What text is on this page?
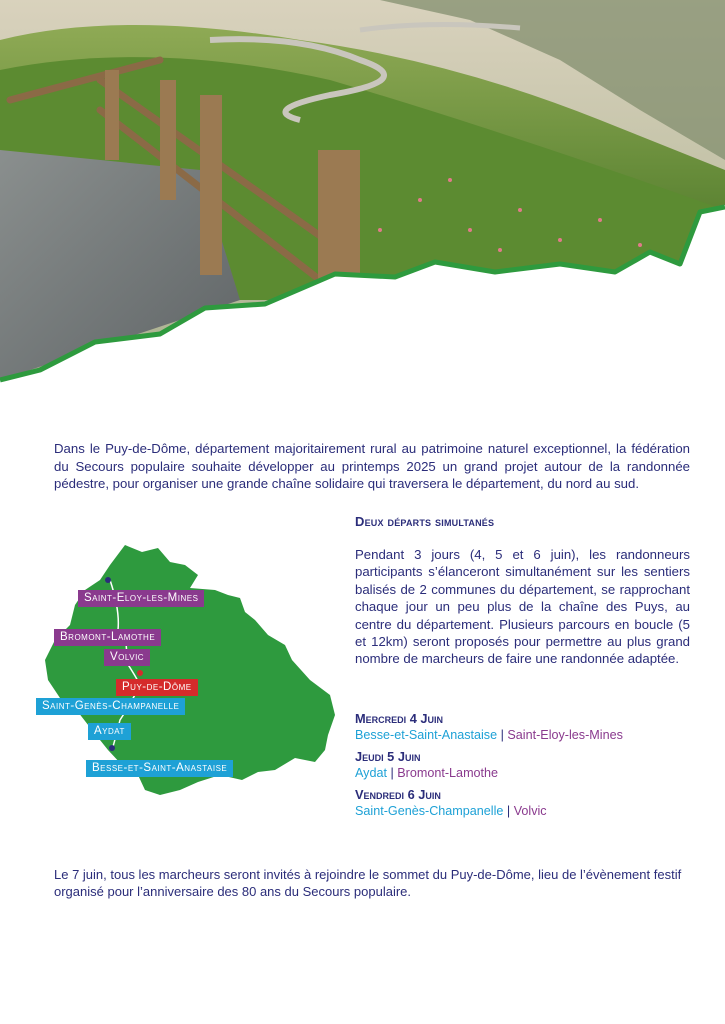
Dans le Puy-de-Dôme, département majoritairement rural au patrimoine naturel exceptionnel, la fédération du Secours populaire souhaite développer au printemps 2025 un grand projet autour de la randonnée pédestre, pour organiser une grande chaîne solidaire qui traversera le département, du nord au sud.

Deux départs simultanés

Pendant 3 jours (4, 5 et 6 juin), les randonneurs participants s’élanceront simultanément sur les sentiers balisés de 2 communes du département, se rapprochant chaque jour un peu plus de la chaîne des Puys, au centre du département. Plusieurs parcours en boucle (5 et 12km) seront proposés pour permettre au plus grand nombre de marcheurs de faire une randonnée adaptée.

Mercredi 4 Juin
Besse-et-Saint-Anastaise | Saint-Eloy-les-Mines
Jeudi 5 Juin
Aydat | Bromont-Lamothe
Vendredi 6 Juin
Saint-Genès-Champanelle | Volvic
Saint-Eloy-les-Mines
Bromont-Lamothe
Volvic
Puy-de-Dôme
Saint-Genès-Champanelle
Aydat
Besse-et-Saint-Anastaise

Le 7 juin, tous les marcheurs seront invités à rejoindre le sommet du Puy-de-Dôme, lieu de l’évènement festif organisé pour l’anniversaire des 80 ans du Secours populaire.
